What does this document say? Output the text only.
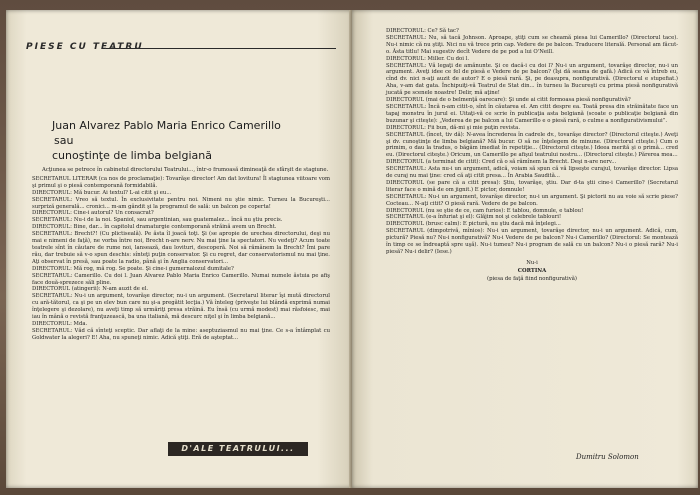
PIESE CU TEATRU
Juan Alvarez Pablo Maria Enrico Camerillo
sau
cunoştinţe de limba belgiană

Acţiunea se petrece în cabinetul directorului Teatrului..., într-o frumoasă dimineaţă de sfârşit de stagiune.

SECRETARUL LITERAR (ca nos de proclamaţie): Tovarăşe director! Am dat lovitura! Îl stagiunea viitoare vom şi primul şi o piesă contemporană formidabilă.

DIRECTORUL: Mă bucur. Ai textul? L-ai citit şi eu...

SECRETARUL: Vreo să textul. În exclusivitate pentru noi. Nimeni nu ştie nimic. Turneu la Bucureşti... surpriză generală... cronici... m-am gândit şi la programul de sală: un balcon pe coperta!

DIRECTORUL: Cine-i autorul? Un consacrat?

SECRETARUL: Nu-i de la noi. Spaniol, sau argentinian, sau guatemalez... încă nu ştiu precis.

DIRECTORUL: Bine, dar... în capitolul dramaturgie contemporană străină avem un Brecht.

SECRETARUL: Brecht?! (Cu plictiseală). Pe ăsta îl joacă toţi. Şi (se apropie de urechea directorului, deşi nu mai e nimeni de faţă), ne vorba între noi, Brecht n-are nerv. Nu mai ţine la spectatori. Nu vedeţi? Acum toate teatrele sînt în căutare de rume noi, lansează, dau lovituri, descoperă. Noi să rămânem la Brecht? Îmi pare rău, dar trebuie să v-o spun deschis: sînteţi puţin conservator. Şi cu regret, dar conservatorismul nu mai ţine. Aţi observat în presă, sau poate la radio, până şi în Anglia conservatori...

DIRECTORUL: Mă rog, mă rog. Se poate. Şi cine-i gumernalozul dumitale?

SECRETARUL: Camerillo. Cu doi l. Juan Alvarez Pablo Maria Enrico Camerillo. Numai numele ăstuia pe afiş face două-sprezece săli pline.

DIRECTORUL (atingerii): N-am auzit de el.

SECRETARUL: Nu-i un argument, tovarăşe director, nu-i un argument. (Secretarul literar îşi mută directorul cu ară-tătorul, ca şi pe un elev bun care nu şi-a pregătit lecţia.) Vă înteleg (priveşte lui blândă exprimă numai înţelegere şi dezolare), nu aveţi timp să urmăriţi presa străină. Eu însă (cu urmă modest) mai răsfoiesc, mai iau în mână o revistă franţuzească, ba una italiană, mă descurc niţel şi în limba belgiană...

DIRECTORUL: Mda.

SECRETARUL: Văd că sînteţi sceptic. Dar aflaţi de la mine: aseptuziasmul nu mai ţine. Ce s-a întâmplat cu Goldwater la alegeri? E! Aha, nu spuneţi nimic. Adică ştiţi. Eră de aşteptat...

D'ALE TEATRULUI...

DIRECTORUL: Ce? Să tac?

SECRETARUL: Nu, să tacă Johnson. Aproape, ştiţi cum se cheamă piesa lui Camerillo? (Directorul tace). Nu-i nimic că nu ştiţi. Nici nu vă trece prin cap. Vedere de pe balcon. Traducere literală. Personal am făcut-o. Ăsta titlu! Mai sugestiv decît Vedere de pe pod a lui O'Neill.

DIRECTORUL: Miller. Cu doi l.

SECRETARUL: Vă legaţi de amănunte. Şi ce dacă-i cu doi l? Nu-i un argument, tovarăşe director, nu-i un argument. Aveţi idee ce fel de piesă e Vedere de pe balcon? (Îşi dă seama de gafă.) Adică ce vă întreb eu, cînd dv. nici n-aţi auzit de autor? E o piesă rară. Şi, pe deasupra, nonfigurativă. (Directorul e stupefiat.) Aha, v-am dat gata. Închipuiţi-vă Teatrul de Stat din... în turneu la Bucureşti cu prima piesă nonfigurativă jucată pe scenele noastre! Delir, mă aţine!

DIRECTORUL (mai de o belmenţă oarecare): Şi unde ai citit formoasa piesă nonfigurativă?

SECRETARUL: Încă n-am citit-o, sînt în căutarea el. Am citit despre ea. Toată presa din străinătate face un tapaj monstru în jurul ei. Uitaţi-vă ce scrie în publicaţia asta belgiană (scoate o publicaţie belgiană din buzunar şi citeşte): „Vederea de pe balcon a lui Camerillo e o piesă rară, o culme a nonfigurativismului”.

DIRECTORUL: Fii bun, dă-mi şi mie puţin revista.

SECRETARUL (încet, tiv dă): N-avea încrederea în cadrele dv., tovarăşe director? (Directorul citeşte.) Aveţi şi dv. cunoştinţe de limba belgiană? Mă bucur. O să ne înţelegem de minune. (Directorul citeşte.) Cum o primim, o dau la tradus, o băgăm imediat în repetiţie... (Directorul citeşte.) Ideea merită şi o primă... cred eu. (Directorul citeşte.) Oricum, un Camerillo pe afişul teatrului nostru... (Directorul citeşte.) Părerea mea...

DIRECTORUL (a terminat de citit): Cred că o să rămînem la Brecht. Deşi n-are nerv...

SECRETARUL: Asta nu-i un argument, adică, voiam să spun că vă lipseşte curajul, tovarăşe director. Lipsa de curaj nu mai ţine: cred că aţi citit presa... În Arabia Saudită...

DIRECTORUL (se pare că a citit presa): Ştiu, tovarăşe, ştiu. Dar d-ta ştii cine-i Camerillo? (Secretarul literar face o mină de om jignit.) E pictor, domnule!

SECRETARUL: Nu-i un argument, tovarăşe director, nu-i un argument. Şi pictorii nu au voie să scrie piese? Cocteau... N-aţi citit? O piesă rară. Vedere de pe balcon.

DIRECTORUL (nu se ştie de ce, cam furios): E tablou, domnule, e tablou!

SECRETARUL (e-a înfuriat şi el): Glăjim noi şi celebrele tablouri!

DIRECTORUL (brusc calm): E pictură, nu ştiu dacă mă înţelegi...

SECRETARUL (dimpotrivă, mînios): Nu-i un argument, tovarăşe director, nu-i un argument. Adică, cum, pictură? Piesă nu? Nu-i nonfigurativă? Nu-i Vedere de pe balcon? Nu-i Camerillo? (Directorul: Se montează în timp ce se îndreaptă spre uşă). Nu-i tumeu? Nu-i program de sală cu un balcon? Nu-i o piesă rară? Nu-i piesă? Nu-i delir? (Iese.)

Nu-i

CORTINA

(piesa de faţă fiind nonfigurativă)

Dumitru Solomon
